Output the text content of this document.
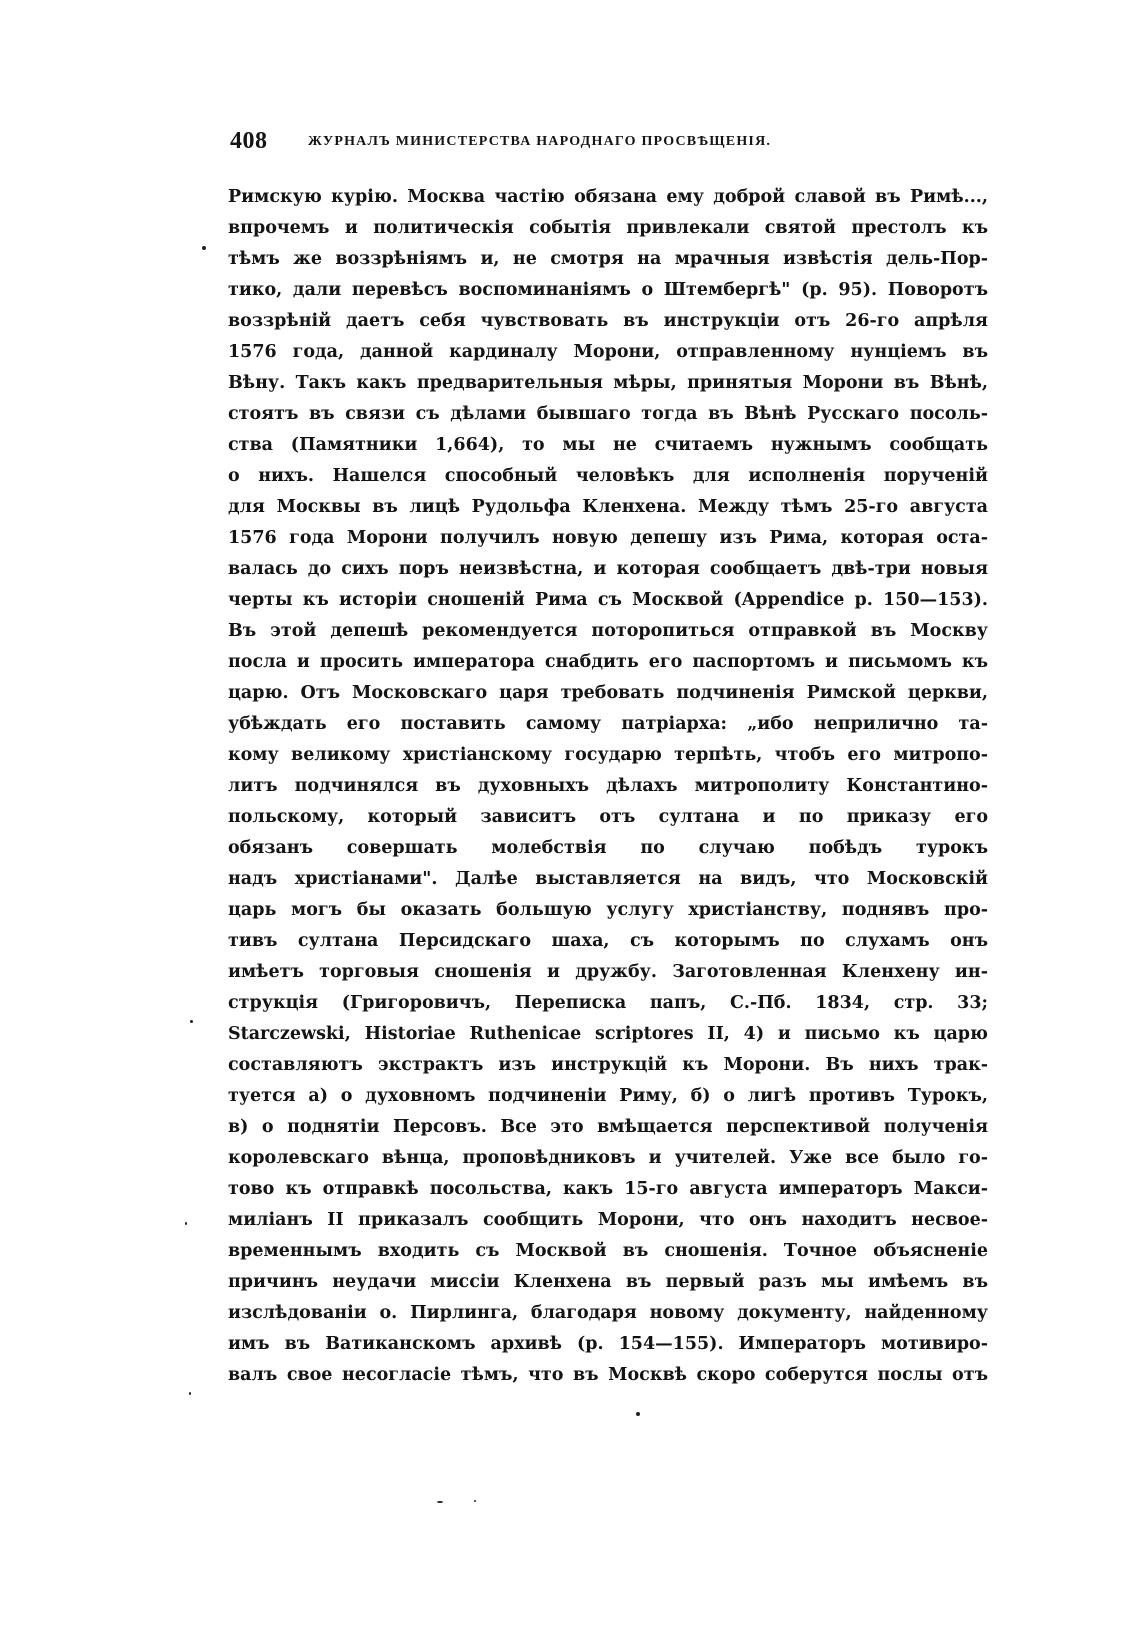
408	ЖУРНАЛЪ МИНИСТЕРСТВА НАРОДНАГО ПРОСВѢЩЕНІЯ.
Римскую курію. Москва частію обязана ему доброй славой въ Римѣ...,
впрочемъ и политическія событія привлекали святой престолъ къ
тѣмъ же воззрѣніямъ и, не смотря на мрачныя извѣстія дель-Пор-
тико, дали перевѣсъ воспоминаніямъ о Штембергѣ" (р. 95). Поворотъ
воззрѣній даетъ себя чувствовать въ инструкціи отъ 26-го апрѣля
1576 года, данной кардиналу Морони, отправленному нунціемъ въ
Вѣну. Такъ какъ предварительныя мѣры, принятыя Морони въ Вѣнѣ,
стоятъ въ связи съ дѣлами бывшаго тогда въ Вѣнѣ Русскаго посоль-
ства (Памятники 1,664), то мы не считаемъ нужнымъ сообщать
о нихъ. Нашелся способный человѣкъ для исполненія порученій
для Москвы въ лицѣ Рудольфа Кленхена. Между тѣмъ 25-го августа
1576 года Морони получилъ новую депешу изъ Рима, которая оста-
валась до сихъ поръ неизвѣстна, и которая сообщаетъ двѣ-три новыя
черты къ исторіи сношеній Рима съ Москвой (Appendice р. 150—153).
Въ этой депешѣ рекомендуется поторопиться отправкой въ Москву
посла и просить императора снабдить его паспортомъ и письмомъ къ
царю. Отъ Московскаго царя требовать подчиненія Римской церкви,
убѣждать его поставить самому патріарха: „ибо неприлично та-
кому великому христіанскому государю терпѣть, чтобъ его митропо-
литъ подчинялся въ духовныхъ дѣлахъ митрополиту Константино-
польскому, который зависитъ отъ султана и по приказу его
обязанъ совершать молебствія по случаю побѣдъ турокъ
надъ христіанами". Далѣе выставляется на видъ, что Московскій
царь могъ бы оказать большую услугу христіанству, поднявъ про-
тивъ султана Персидскаго шаха, съ которымъ по слухамъ онъ
имѣетъ торговыя сношенія и дружбу. Заготовленная Кленхену ин-
струкція (Григоровичъ, Переписка папъ, С.-Пб. 1834, стр. 33;
Starczewski, Historiae Ruthenicae scriptores II, 4) и письмо къ царю
составляютъ экстрактъ изъ инструкцій къ Морони. Въ нихъ трак-
туется а) о духовномъ подчиненіи Риму, б) о лигѣ противъ Турокъ,
в) о поднятіи Персовъ. Все это вмѣщается перспективой полученія
королевскаго вѣнца, проповѣдниковъ и учителей. Уже все было го-
тово къ отправкѣ посольства, какъ 15-го августа императоръ Макси-
миліанъ II приказалъ сообщить Морони, что онъ находитъ несвое-
временнымъ входить съ Москвой въ сношенія. Точное объясненіе
причинъ неудачи миссіи Кленхена въ первый разъ мы имѣемъ въ
изслѣдованіи о. Пирлинга, благодаря новому документу, найденному
имъ въ Ватиканскомъ архивѣ (р. 154—155). Императоръ мотивиро-
валъ свое несогласіе тѣмъ, что въ Москвѣ скоро соберутся послы отъ
